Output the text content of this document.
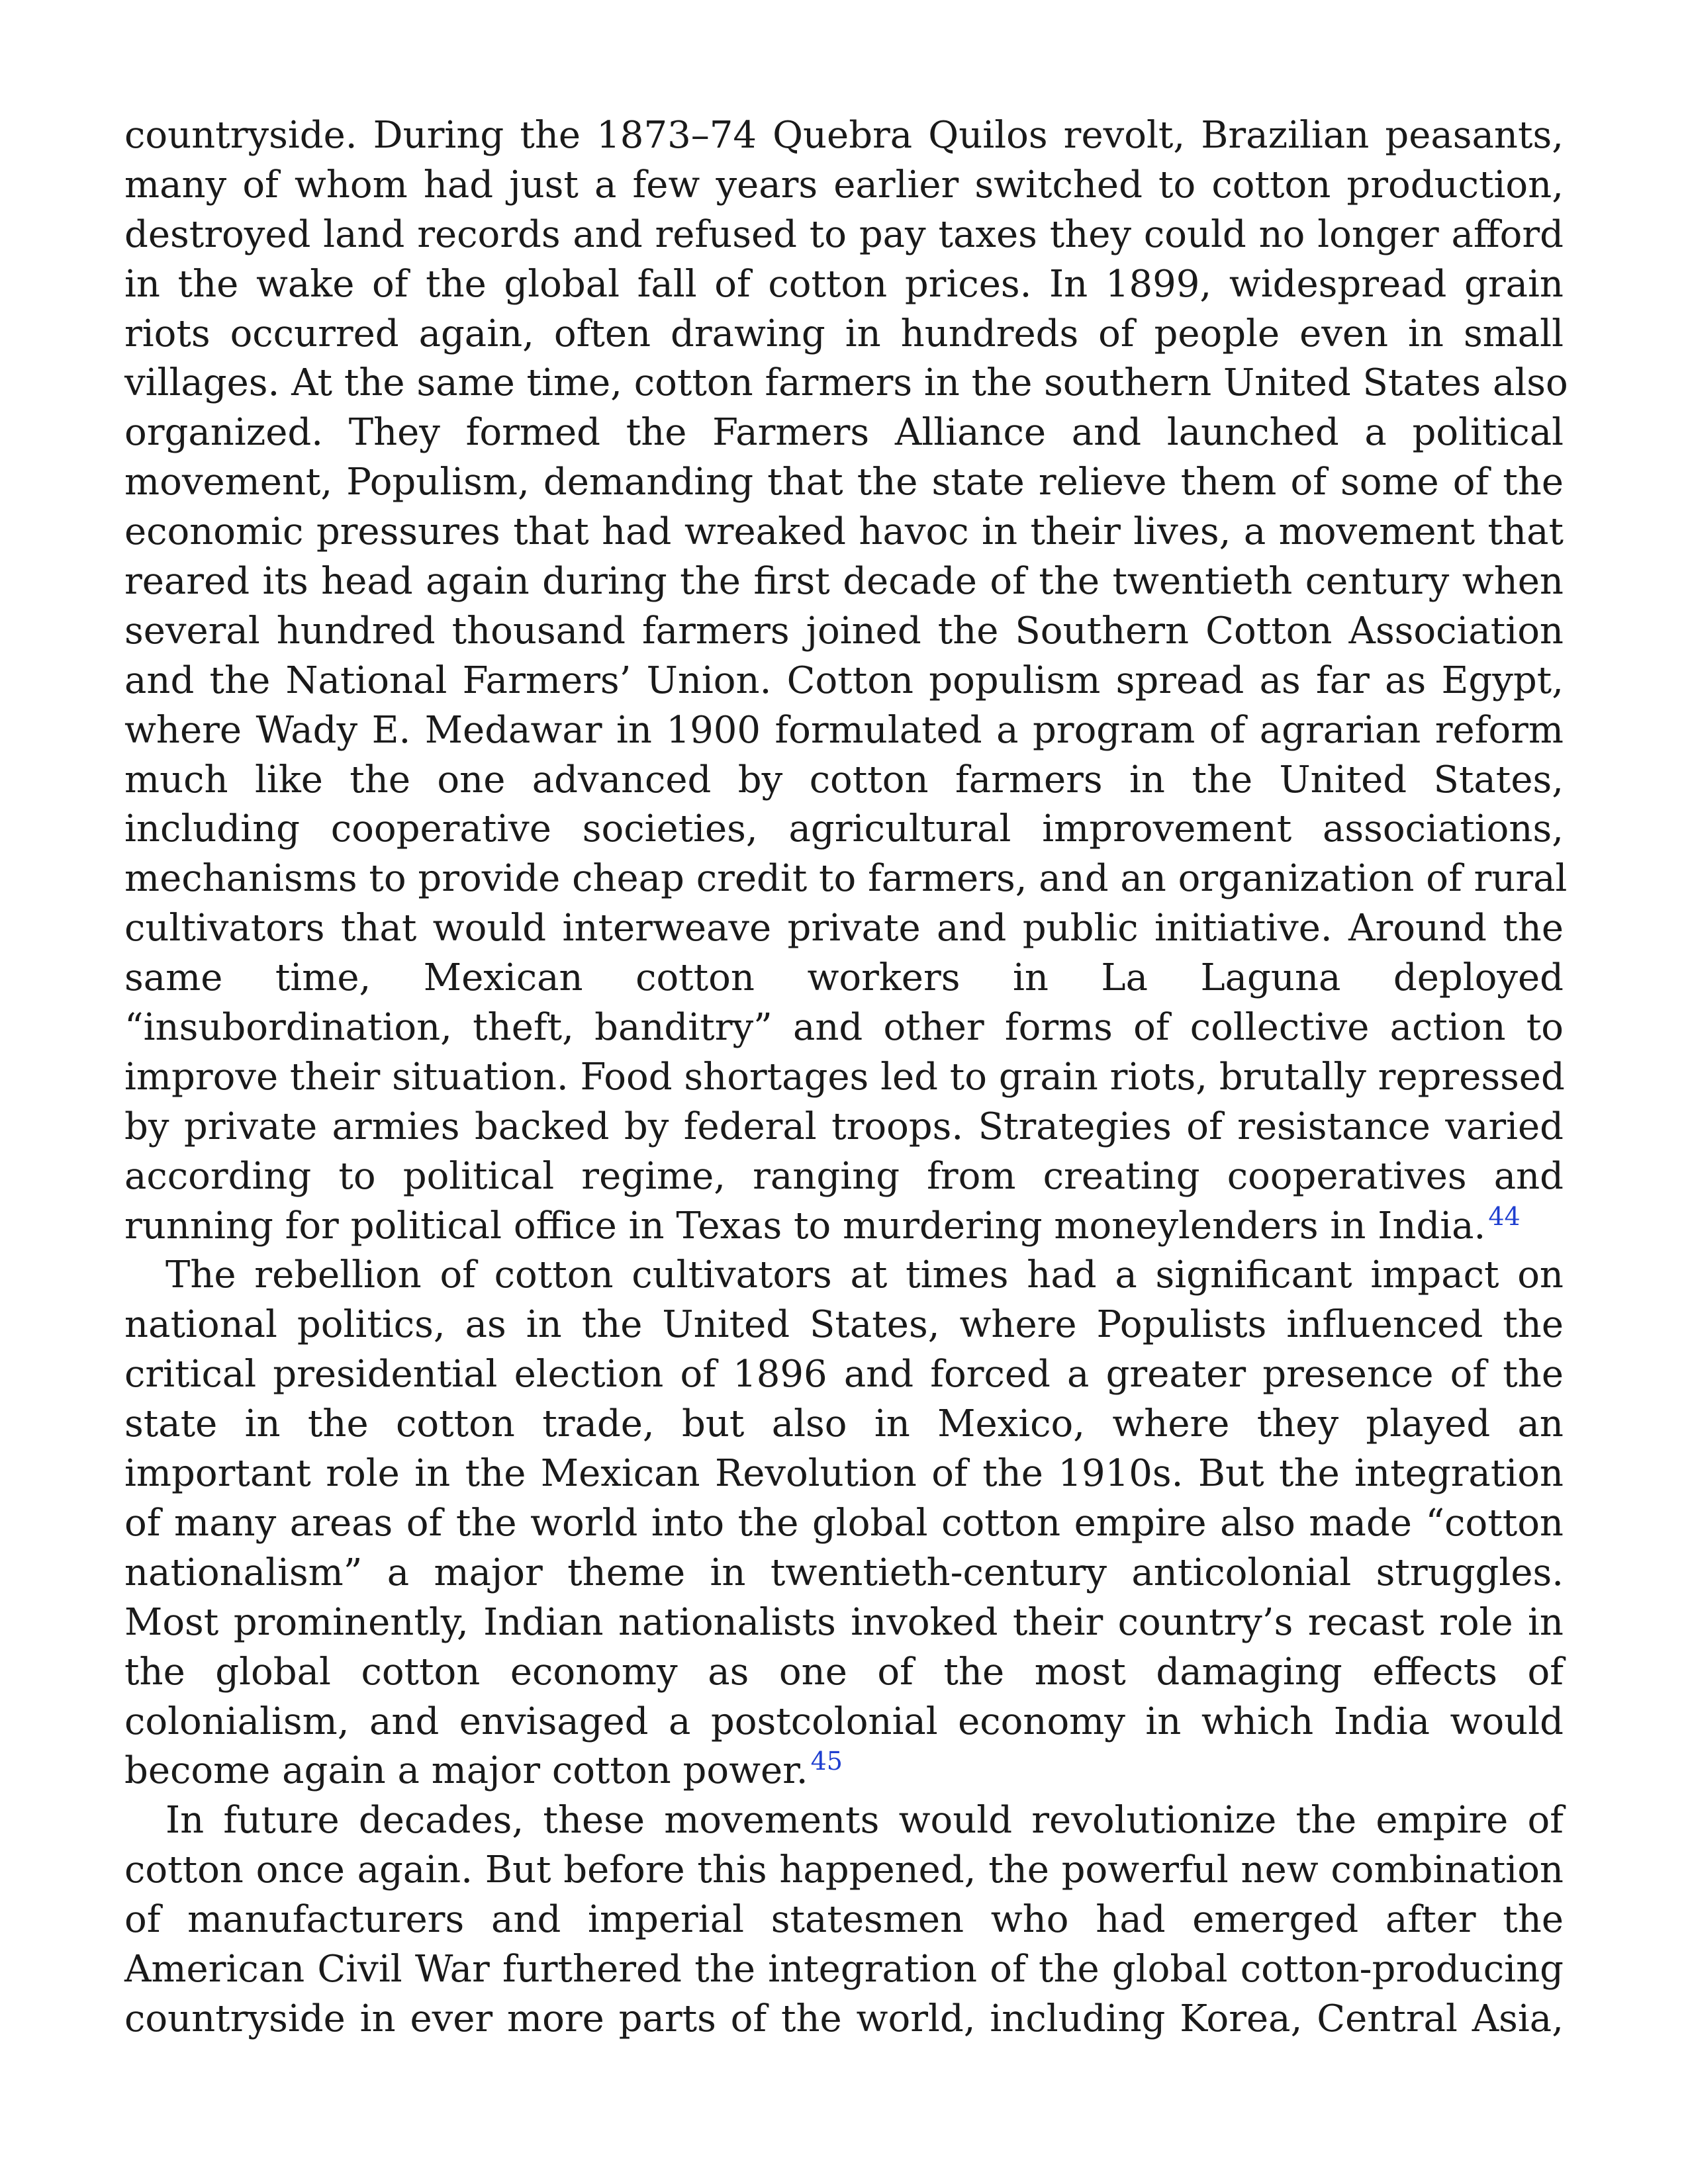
countryside. During the 1873–74 Quebra Quilos revolt, Brazilian peasants,
many of whom had just a few years earlier switched to cotton production,
destroyed land records and refused to pay taxes they could no longer afford
in the wake of the global fall of cotton prices. In 1899, widespread grain
riots occurred again, often drawing in hundreds of people even in small
villages. At the same time, cotton farmers in the southern United States also
organized. They formed the Farmers Alliance and launched a political
movement, Populism, demanding that the state relieve them of some of the
economic pressures that had wreaked havoc in their lives, a movement that
reared its head again during the first decade of the twentieth century when
several hundred thousand farmers joined the Southern Cotton Association
and the National Farmers’ Union. Cotton populism spread as far as Egypt,
where Wady E. Medawar in 1900 formulated a program of agrarian reform
much like the one advanced by cotton farmers in the United States,
including cooperative societies, agricultural improvement associations,
mechanisms to provide cheap credit to farmers, and an organization of rural
cultivators that would interweave private and public initiative. Around the
same time, Mexican cotton workers in La Laguna deployed
“insubordination, theft, banditry” and other forms of collective action to
improve their situation. Food shortages led to grain riots, brutally repressed
by private armies backed by federal troops. Strategies of resistance varied
according to political regime, ranging from creating cooperatives and
running for political office in Texas to murdering moneylenders in India. $^{44}$
The rebellion of cotton cultivators at times had a significant impact on
national politics, as in the United States, where Populists influenced the
critical presidential election of 1896 and forced a greater presence of the
state in the cotton trade, but also in Mexico, where they played an
important role in the Mexican Revolution of the 1910s. But the integration
of many areas of the world into the global cotton empire also made “cotton
nationalism” a major theme in twentieth-century anticolonial struggles.
Most prominently, Indian nationalists invoked their country’s recast role in
the global cotton economy as one of the most damaging effects of
colonialism, and envisaged a postcolonial economy in which India would
become again a major cotton power. $^{45}$
In future decades, these movements would revolutionize the empire of
cotton once again. But before this happened, the powerful new combination
of manufacturers and imperial statesmen who had emerged after the
American Civil War furthered the integration of the global cotton-producing
countryside in ever more parts of the world, including Korea, Central Asia,
